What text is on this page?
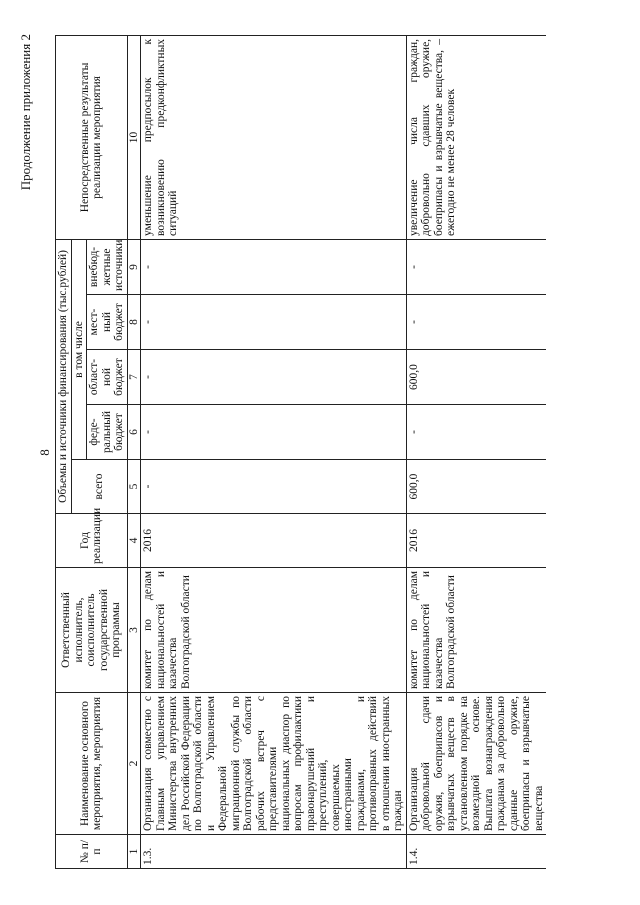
8
Продолжение приложения 2
№ п/п	Наименование основного мероприятия, мероприятия	Ответственный исполнитель, соисполнитель государственной программы	Год реализации	Объемы и источники финансирования (тыс.рублей)					Непосредственные результаты реализации мероприятия
				всего	в том числе				
					феде- ральный бюджет	област- ной бюджет	мест- ный бюджет	внебюд- жетные источники	
1	2	3	4	5	6	7	8	9	10
1.3.	Организация совместно с Главным управлением Министерства внутренних дел Российской Федерации по Волгоградской области и Управлением Федеральной миграционной службы по Волгоградской области рабочих встреч с представителями национальных диаспор по вопросам профилактики правонарушений и преступлений, совершаемых иностранными гражданами, и противоправных действий в отношении иностранных граждан	комитет по делам национальностей и казачества Волгоградской области	2016	-	-	-	-	-	уменьшение предпосылок к возникновению предконфликтных ситуаций
1.4.	Организация добровольной сдачи оружия, боеприпасов и взрывчатых веществ в установленном порядке на возмездной основе. Выплата вознаграждения гражданам за добровольно сданные оружие, боеприпасы и взрывчатые вещества	комитет по делам национальностей и казачества Волгоградской области	2016	600,0	-	600,0	-	-	увеличение числа граждан, добровольно сдавших оружие, боеприпасы и взрывчатые вещества, – ежегодно не менее 28 человек
